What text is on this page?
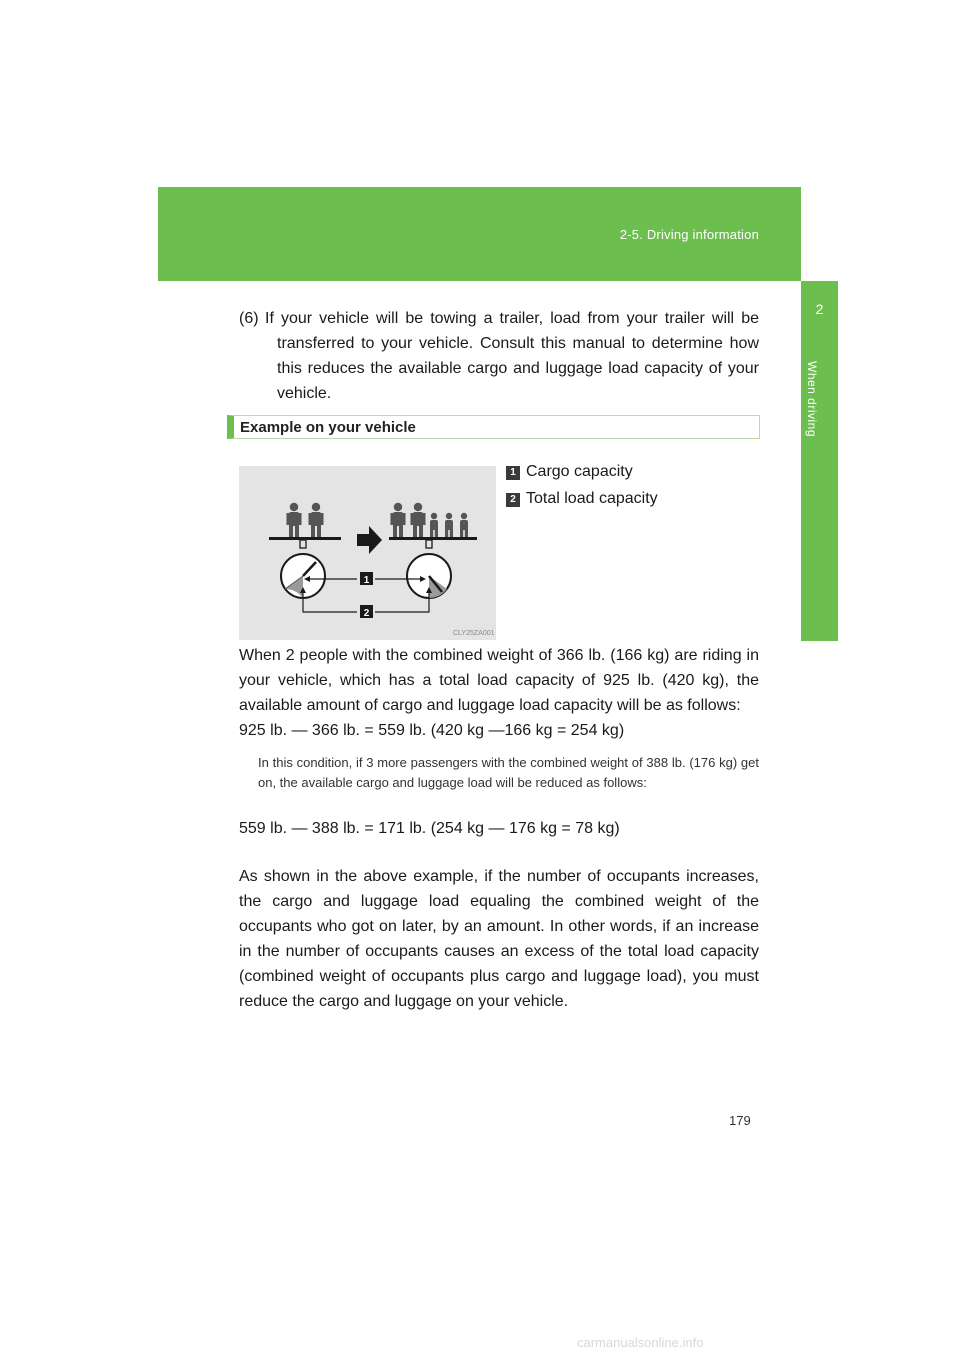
2-5. Driving information
2
When driving
(6) If your vehicle will be towing a trailer, load from your trailer will be transferred to your vehicle. Consult this manual to determine how this reduces the available cargo and luggage load capacity of your vehicle.
Example on your vehicle
1
2
CLY25ZA001
1 Cargo capacity
2 Total load capacity
When 2 people with the combined weight of 366 lb. (166 kg) are riding in your vehicle, which has a total load capacity of 925 lb. (420 kg), the available amount of cargo and luggage load capacity will be as follows:
925 lb. — 366 lb. = 559 lb. (420 kg —166 kg = 254 kg)
In this condition, if 3 more passengers with the combined weight of 388 lb. (176 kg) get on, the available cargo and luggage load will be reduced as follows:
559 lb. — 388 lb. = 171 lb. (254 kg — 176 kg = 78 kg)
As shown in the above example, if the number of occupants increases, the cargo and luggage load equaling the combined weight of the occupants who got on later, by an amount. In other words, if an increase in the number of occupants causes an excess of the total load capacity (combined weight of occupants plus cargo and luggage load), you must reduce the cargo and luggage on your vehicle.
179
carmanualsonline.info
